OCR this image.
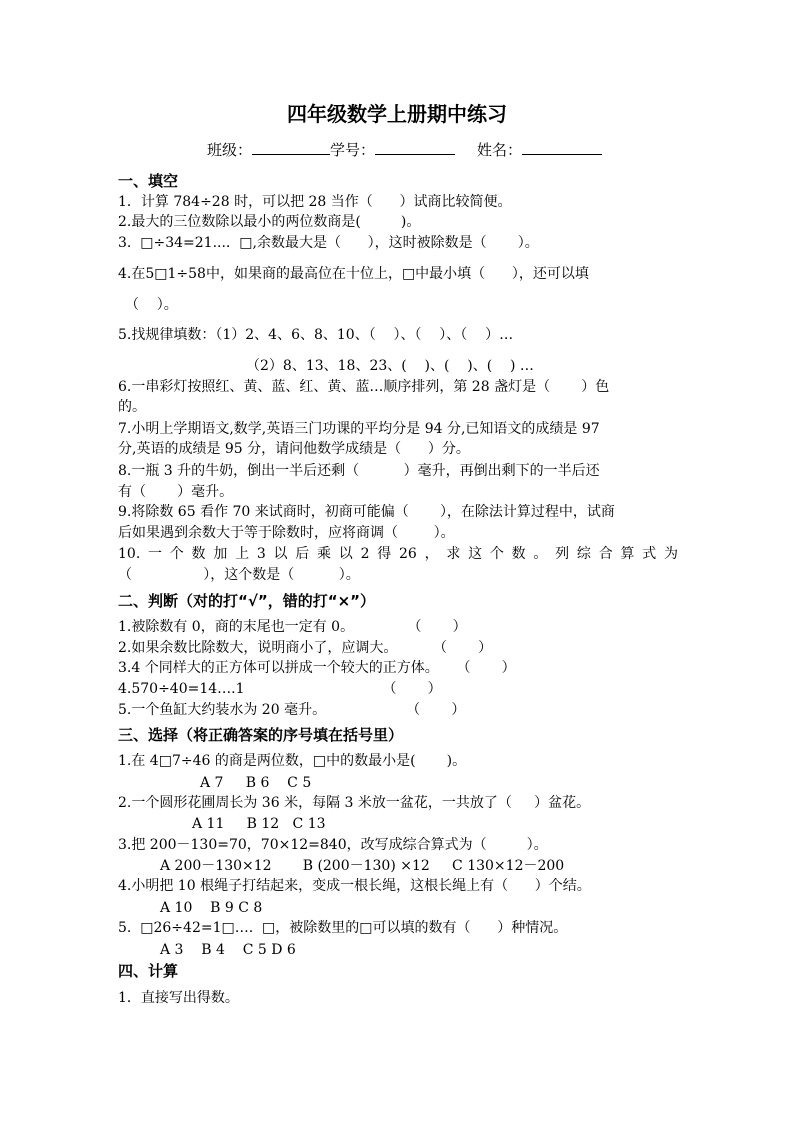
四年级数学上册期中练习
班级：	学号：	姓名：
一、填空
1．计算 784÷28 时，可以把 28 当作（      ）试商比较简便。
2.最大的三位数除以最小的两位数商是(         )。
3.  □÷34=21....  □,余数最大是（      ），这时被除数是（       ）。
4.在5□1÷58中，如果商的最高位在十位上，□中最小填（      ），还可以填
（    ）。
5.找规律填数：（1）2、4、6、8、10、（    ）、（    ）、（    ）…
（2）8、13、18、23、(    )、(    )、(    ) …
6.一串彩灯按照红、黄、蓝、红、黄、蓝…顺序排列，第 28 盏灯是（       ）色
的。
7.小明上学期语文,数学,英语三门功课的平均分是 94 分,已知语文的成绩是 97
分,英语的成绩是 95 分，请问他数学成绩是（      ）分。
8.一瓶 3 升的牛奶，倒出一半后还剩（          ）毫升，再倒出剩下的一半后还
有（       ）毫升。
9.将除数 65 看作 70 来试商时，初商可能偏（       ），在除法计算过程中，试商
后如果遇到余数大于等于除数时，应将商调（        ）。
10.一个数加上3以后乘以2得26，求这个数。列综合算式为
（                ），这个数是（          ）。
二、判断（对的打“√”，错的打“×”）
1.被除数有 0，商的末尾也一定有 0。            （       ）
2.如果余数比除数大，说明商小了，应调大。        （       ）
3.4 个同样大的正方体可以拼成一个较大的正方体。    （       ）
4.570÷40=14….1                               （       ）
5.一个鱼缸大约装水为 20 毫升。                  （       ）
三、选择（将正确答案的序号填在括号里）
1.在 4□7÷46 的商是两位数，□中的数最小是(       )。
A 7     B 6    C 5
2.一个圆形花圃周长为 36 米，每隔 3 米放一盆花，一共放了（     ）盆花。
A 11     B 12   C 13
3.把 200－130=70，70×12=840，改写成综合算式为（         ）。
A 200－130×12       B (200－130) ×12     C 130×12－200
4.小明把 10 根绳子打结起来，变成一根长绳，这根长绳上有（      ）个结。
A 10    B 9 C 8
5.  □26÷42=1□….  □，被除数里的□可以填的数有（      ）种情况。
A 3    B 4    C 5 D 6
四、计算
1．直接写出得数。
